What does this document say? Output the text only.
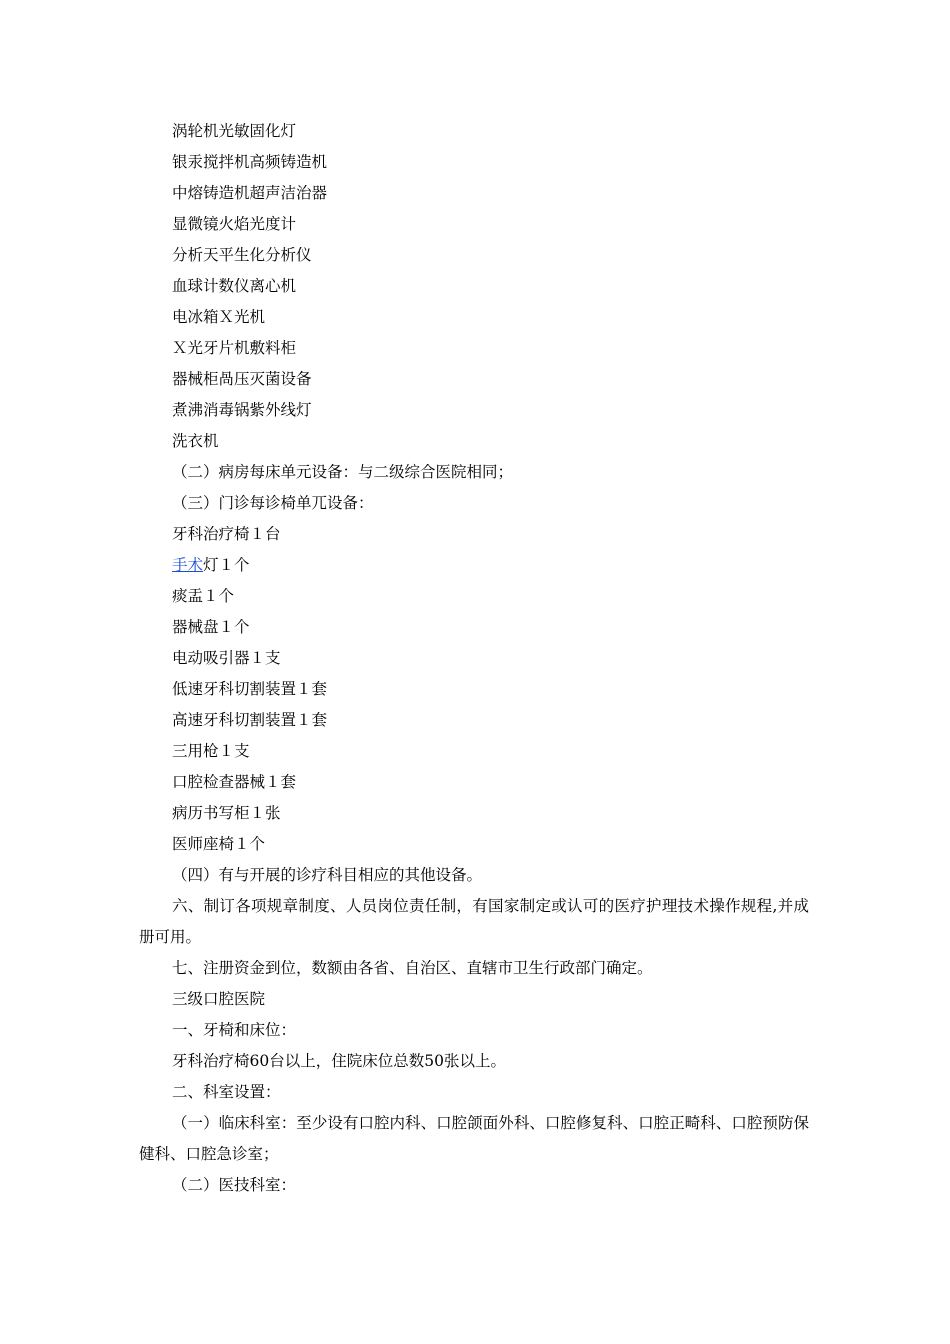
涡轮机光敏固化灯
银汞搅拌机高频铸造机
中熔铸造机超声洁治器
显微镜火焰光度计
分析天平生化分析仪
血球计数仪离心机
电冰箱Ｘ光机
Ｘ光牙片机敷料柜
器械柜咼压灭菌设备
煮沸消毒锅紫外线灯
洗衣机
（二）病房每床单元设备：与二级综合医院相同；
（三）门诊每诊椅单兀设备：
牙科治疗椅１台
手术灯１个
痰盂１个
器械盘１个
电动吸引器１支
低速牙科切割装置１套
高速牙科切割装置１套
三用枪１支
口腔检查器械１套
病历书写柜１张
医师座椅１个
（四）有与开展的诊疗科目相应的其他设备。
六、制订各项规章制度、人员岗位责任制，有国家制定或认可的医疗护理技术操作规程,并成册可用。
七、注册资金到位，数额由各省、自治区、直辖市卫生行政部门确定。
三级口腔医院
一、牙椅和床位：
牙科治疗椅60台以上，住院床位总数50张以上。
二、科室设置：
（一）临床科室：至少设有口腔内科、口腔颌面外科、口腔修复科、口腔正畸科、口腔预防保健科、口腔急诊室；
（二）医技科室：
